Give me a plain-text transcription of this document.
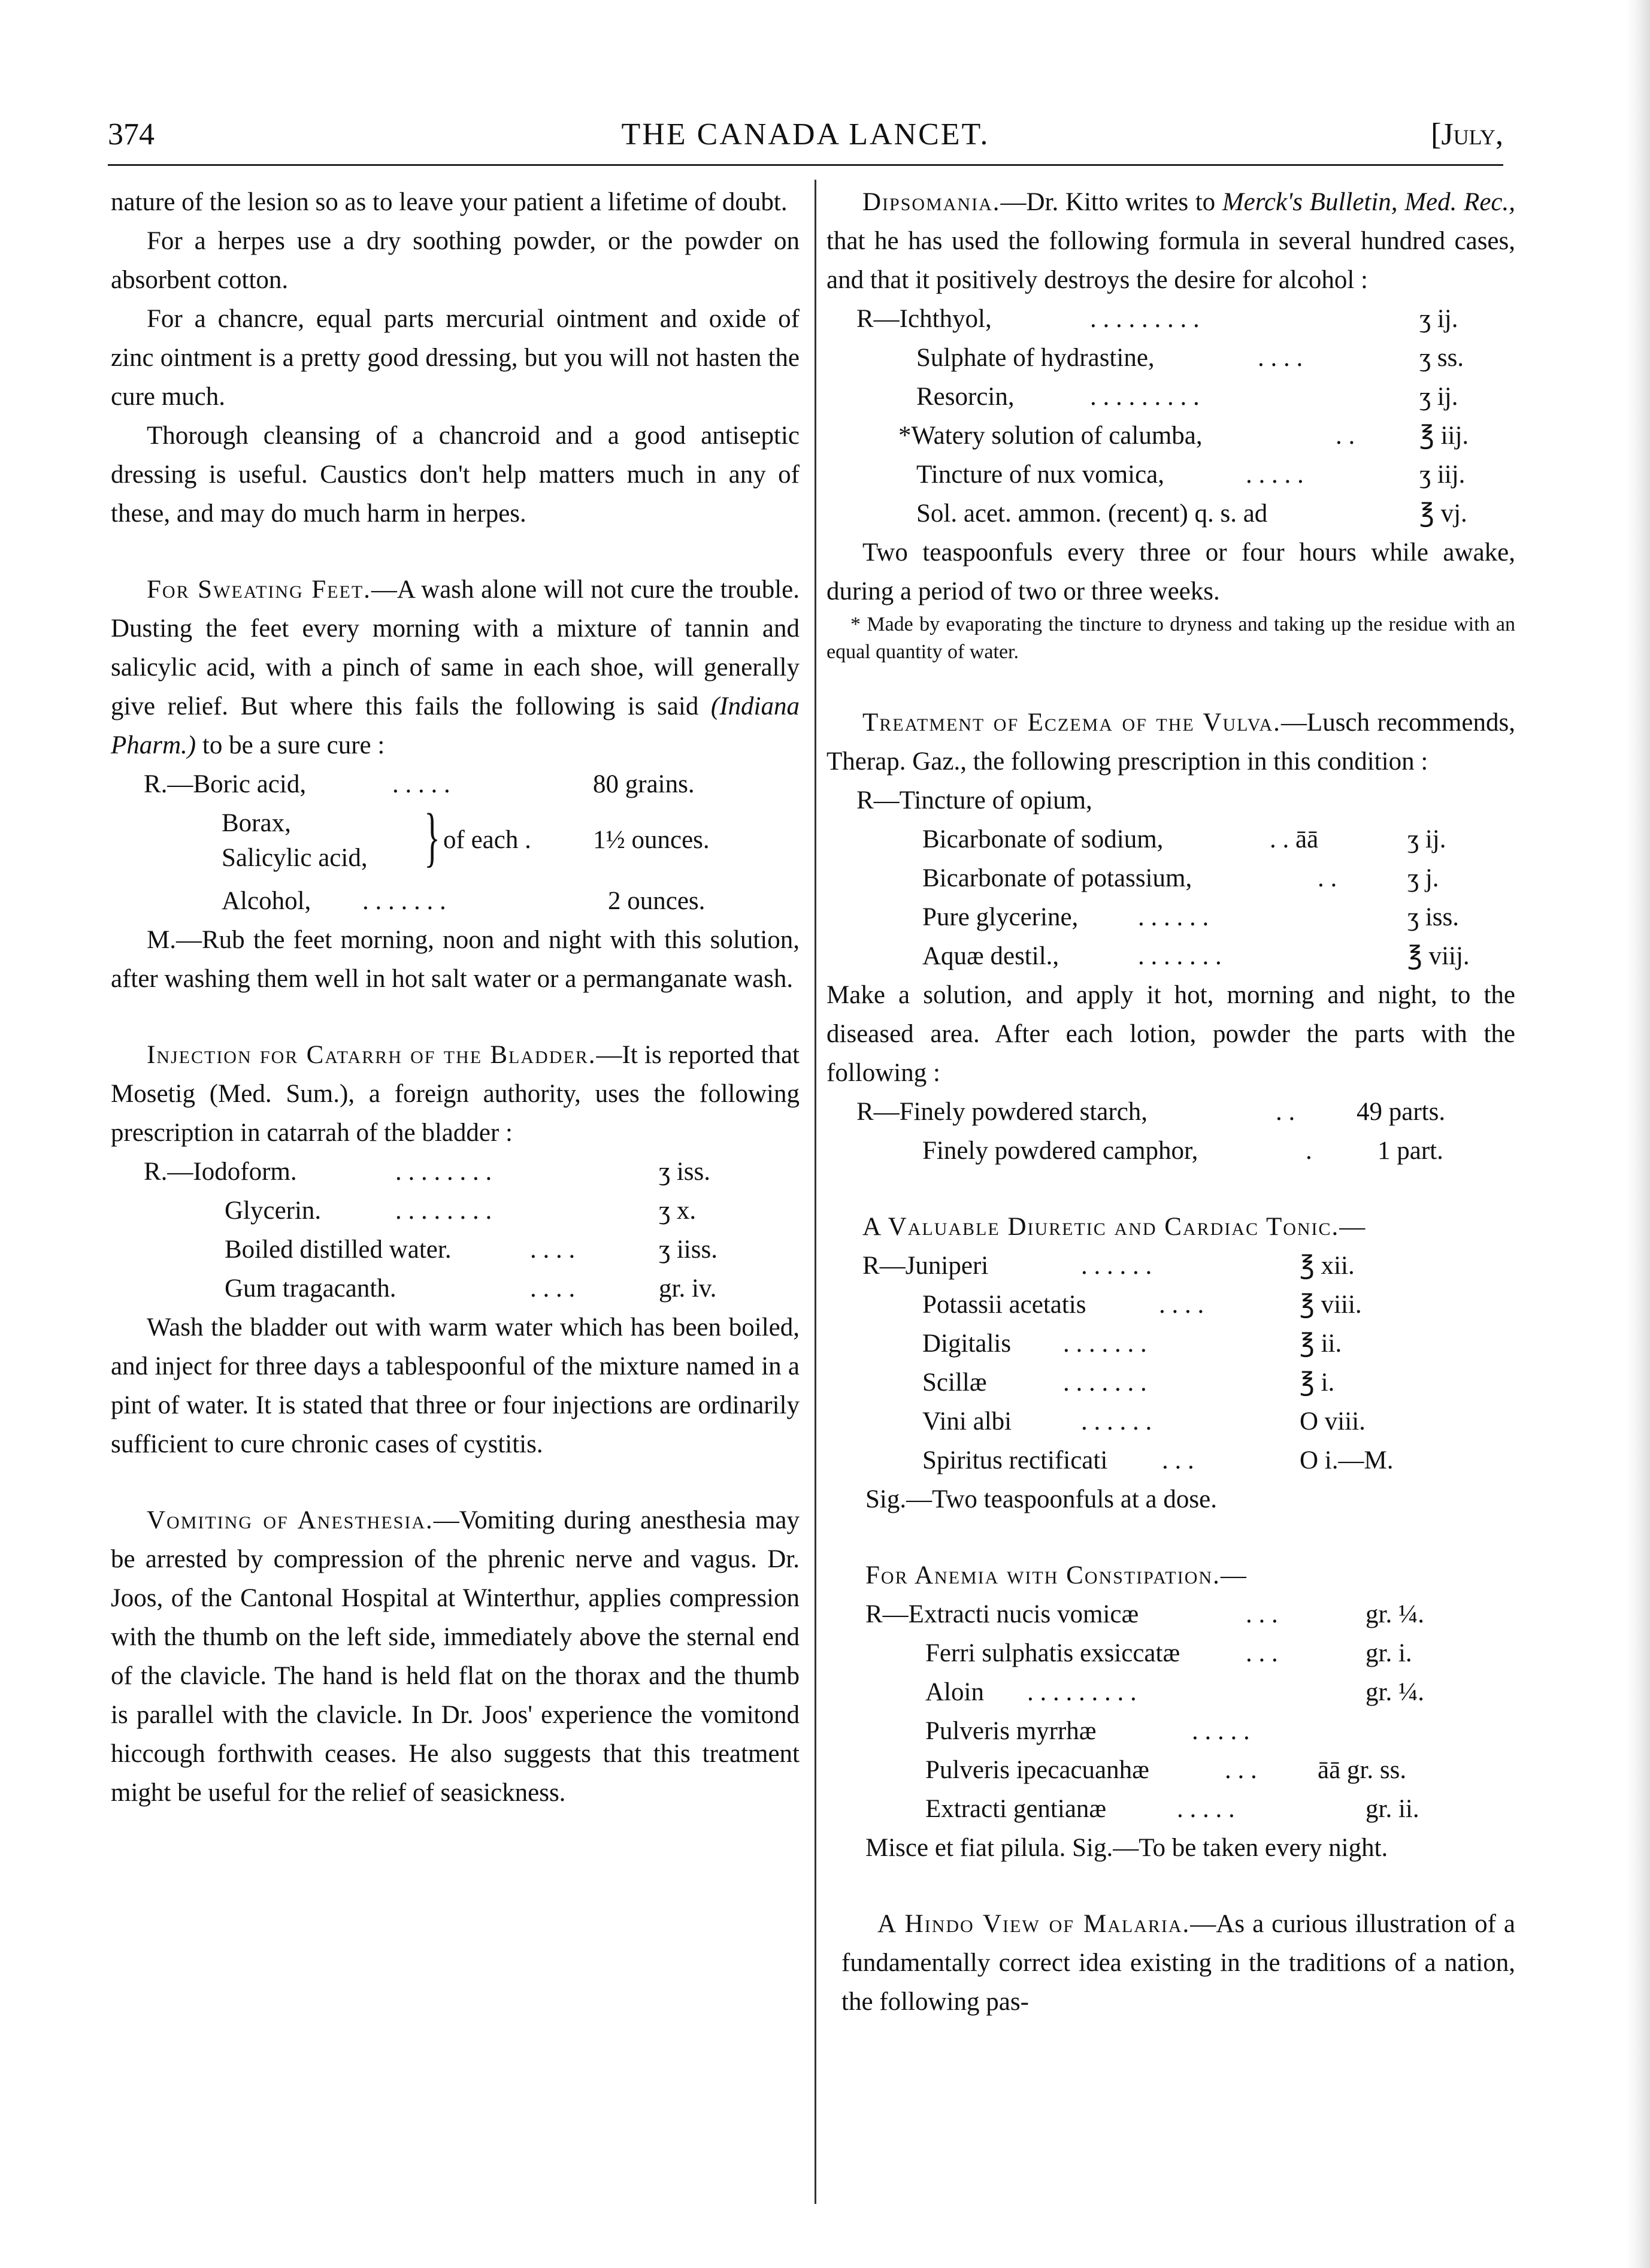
374	THE CANADA LANCET.	[July,

nature of the lesion so as to leave your patient a lifetime of doubt.

For a herpes use a dry soothing powder, or the powder on absorbent cotton.

For a chancre, equal parts mercurial ointment and oxide of zinc ointment is a pretty good dressing, but you will not hasten the cure much.

Thorough cleansing of a chancroid and a good antiseptic dressing is useful. Caustics don't help matters much in any of these, and may do much harm in herpes.

For Sweating Feet.—A wash alone will not cure the trouble. Dusting the feet every morning with a mixture of tannin and salicylic acid, with a pinch of same in each shoe, will generally give relief. But where this fails the following is said (Indiana Pharm.) to be a sure cure :

R.—Boric acid,	. . . . .	80 grains.
Borax,
Salicylic acid, } of each . 1½ ounces.
Alcohol, . . . . . . .	2 ounces.

M.—Rub the feet morning, noon and night with this solution, after washing them well in hot salt water or a permanganate wash.

Injection for Catarrh of the Bladder.—It is reported that Mosetig (Med. Sum.), a foreign authority, uses the following prescription in catarrah of the bladder :

R.—Iodoform.	. . . . . . . .	ʒ iss.
Glycerin.	. . . . . . . .	ʒ x.
Boiled distilled water.	. . . .	ʒ iiss.
Gum tragacanth.	. . . .	gr. iv.

Wash the bladder out with warm water which has been boiled, and inject for three days a tablespoonful of the mixture named in a pint of water. It is stated that three or four injections are ordinarily sufficient to cure chronic cases of cystitis.

Vomiting of Anesthesia.—Vomiting during anesthesia may be arrested by compression of the phrenic nerve and vagus. Dr. Joos, of the Cantonal Hospital at Winterthur, applies compression with the thumb on the left side, immediately above the sternal end of the clavicle. The hand is held flat on the thorax and the thumb is parallel with the clavicle. In Dr. Joos' experience the vomitond hiccough forthwith ceases. He also suggests that this treatment might be useful for the relief of seasickness.

Dipsomania.—Dr. Kitto writes to Merck's Bulletin, Med. Rec., that he has used the following formula in several hundred cases, and that it positively destroys the desire for alcohol :

R—Ichthyol,	. . . . . . . . .	ʒ ij.
Sulphate of hydrastine,	. . . .	ʒ ss.
Resorcin,	. . . . . . . . .	ʒ ij.
*Watery solution of calumba,	. .	℥ iij.
Tincture of nux vomica,	. . . . .	ʒ iij.
Sol. acet. ammon. (recent) q. s. ad	℥ vj.

Two teaspoonfuls every three or four hours while awake, during a period of two or three weeks.

* Made by evaporating the tincture to dryness and taking up the residue with an equal quantity of water.

Treatment of Eczema of the Vulva.—Lusch recommends, Therap. Gaz., the following prescription in this condition :

R—Tincture of opium,
Bicarbonate of sodium,	. . āā	ʒ ij.
Bicarbonate of potassium,	. .	ʒ j.
Pure glycerine, . . . . . .	ʒ iss.
Aquæ destil.,	. . . . . . .	℥ viij.

Make a solution, and apply it hot, morning and night, to the diseased area. After each lotion, powder the parts with the following :

R—Finely powdered starch,	. . 49 parts.
Finely powdered camphor,	.	1 part.

A Valuable Diuretic and Cardiac Tonic.—

R—Juniperi	. . . . . .	℥ xii.
Potassii acetatis	. . . .	℥ viii.
Digitalis . . . . . . .	℥ ii.
Scillæ	. . . . . . .	℥ i.
Vini albi	. . . . . .	O viii.
Spiritus rectificati . . .	O i.—M.

Sig.—Two teaspoonfuls at a dose.

For Anemia with Constipation.—

R—Extracti nucis vomicæ	. . .	gr. ¼.
Ferri sulphatis exsiccatæ	. . .	gr. i.
Aloin . . . . . . . . .	gr. ¼.
Pulveris myrrhæ	. . . . .
Pulveris ipecacuanhæ	. . . āā gr. ss.
Extracti gentianæ	. . . . .	gr. ii.

Misce et fiat pilula. Sig.—To be taken every night.

A Hindo View of Malaria.—As a curious illustration of a fundamentally correct idea existing in the traditions of a nation, the following pas-
